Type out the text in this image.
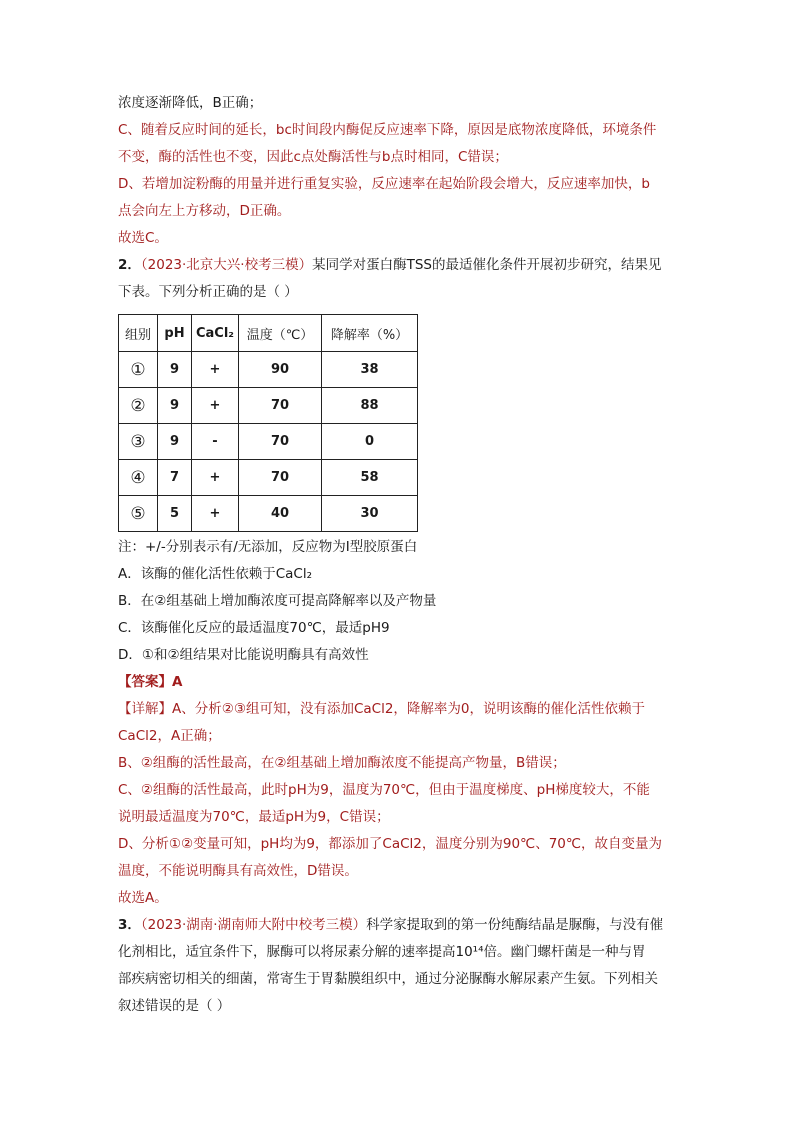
浓度逐渐降低，B正确；

C、随着反应时间的延长，bc时间段内酶促反应速率下降，原因是底物浓度降低，环境条件

不变，酶的活性也不变，因此c点处酶活性与b点时相同，C错误；

D、若增加淀粉酶的用量并进行重复实验，反应速率在起始阶段会增大，反应速率加快，b

点会向左上方移动，D正确。

故选C。

2．（2023·北京大兴·校考三模）某同学对蛋白酶TSS的最适催化条件开展初步研究，结果见

下表。下列分析正确的是（ ）

组别	pH	CaCl₂	温度（℃）	降解率（%）
①	9	+	90	38
②	9	+	70	88
③	9	-	70	0
④	7	+	70	58
⑤	5	+	40	30

注：+/-分别表示有/无添加，反应物为Ⅰ型胶原蛋白

A．该酶的催化活性依赖于CaCl₂

B．在②组基础上增加酶浓度可提高降解率以及产物量

C．该酶催化反应的最适温度70℃，最适pH9

D．①和②组结果对比能说明酶具有高效性

【答案】A

【详解】A、分析②③组可知，没有添加CaCl2，降解率为0，说明该酶的催化活性依赖于

CaCl2，A正确；

B、②组酶的活性最高，在②组基础上增加酶浓度不能提高产物量，B错误；

C、②组酶的活性最高，此时pH为9，温度为70℃，但由于温度梯度、pH梯度较大，不能

说明最适温度为70℃，最适pH为9，C错误；

D、分析①②变量可知，pH均为9，都添加了CaCl2，温度分别为90℃、70℃，故自变量为

温度，不能说明酶具有高效性，D错误。

故选A。

3．（2023·湖南·湖南师大附中校考三模）科学家提取到的第一份纯酶结晶是脲酶，与没有催

化剂相比，适宜条件下，脲酶可以将尿素分解的速率提高10¹⁴倍。幽门螺杆菌是一种与胃

部疾病密切相关的细菌，常寄生于胃黏膜组织中，通过分泌脲酶水解尿素产生氨。下列相关

叙述错误的是（ ）
